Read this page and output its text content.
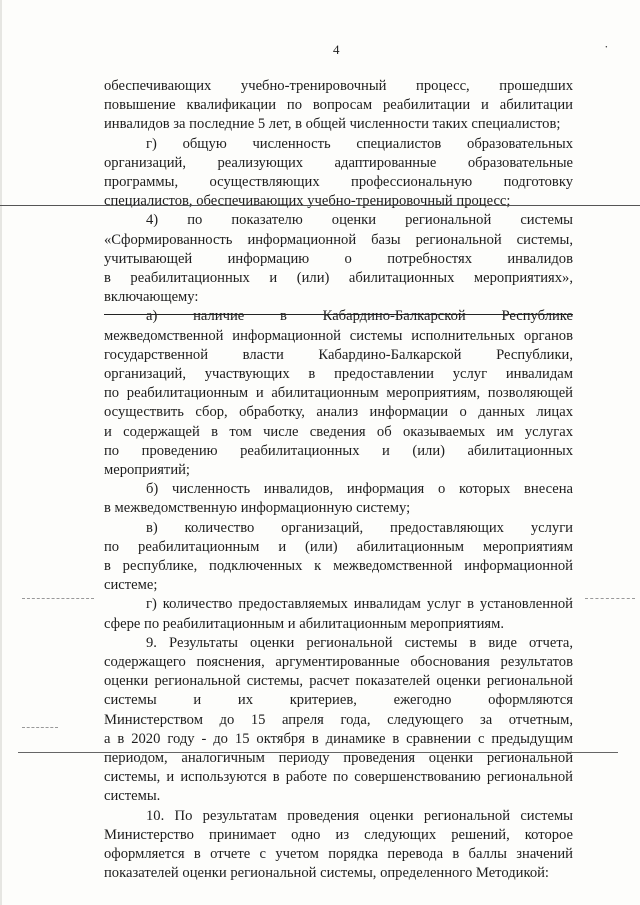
4	˙
обеспечивающих учебно-тренировочный процесс, прошедших
повышение квалификации по вопросам реабилитации и абилитации
инвалидов за последние 5 лет, в общей численности таких специалистов;
г) общую численность специалистов образовательных
организаций, реализующих адаптированные образовательные
программы, осуществляющих профессиональную подготовку
специалистов, обеспечивающих учебно-тренировочный процесс;
4) по показателю оценки региональной системы
«Сформированность информационной базы региональной системы,
учитывающей информацию о потребностях инвалидов
в реабилитационных и (или) абилитационных мероприятиях»,
включающему:
а) наличие в Кабардино-Балкарской Республике
межведомственной информационной системы исполнительных органов
государственной власти Кабардино-Балкарской Республики,
организаций, участвующих в предоставлении услуг инвалидам
по реабилитационным и абилитационным мероприятиям, позволяющей
осуществить сбор, обработку, анализ информации о данных лицах
и содержащей в том числе сведения об оказываемых им услугах
по проведению реабилитационных и (или) абилитационных
мероприятий;
б) численность инвалидов, информация о которых внесена
в межведомственную информационную систему;
в) количество организаций, предоставляющих услуги
по реабилитационным и (или) абилитационным мероприятиям
в республике, подключенных к межведомственной информационной
системе;
г) количество предоставляемых инвалидам услуг в установленной
сфере по реабилитационным и абилитационным мероприятиям.
9. Результаты оценки региональной системы в виде отчета,
содержащего пояснения, аргументированные обоснования результатов
оценки региональной системы, расчет показателей оценки региональной
системы и их критериев, ежегодно оформляются
Министерством до 15 апреля года, следующего за отчетным,
а в 2020 году - до 15 октября в динамике в сравнении с предыдущим
периодом, аналогичным периоду проведения оценки региональной
системы, и используются в работе по совершенствованию региональной
системы.
10. По результатам проведения оценки региональной системы
Министерство принимает одно из следующих решений, которое
оформляется в отчете с учетом порядка перевода в баллы значений
показателей оценки региональной системы, определенного Методикой:
